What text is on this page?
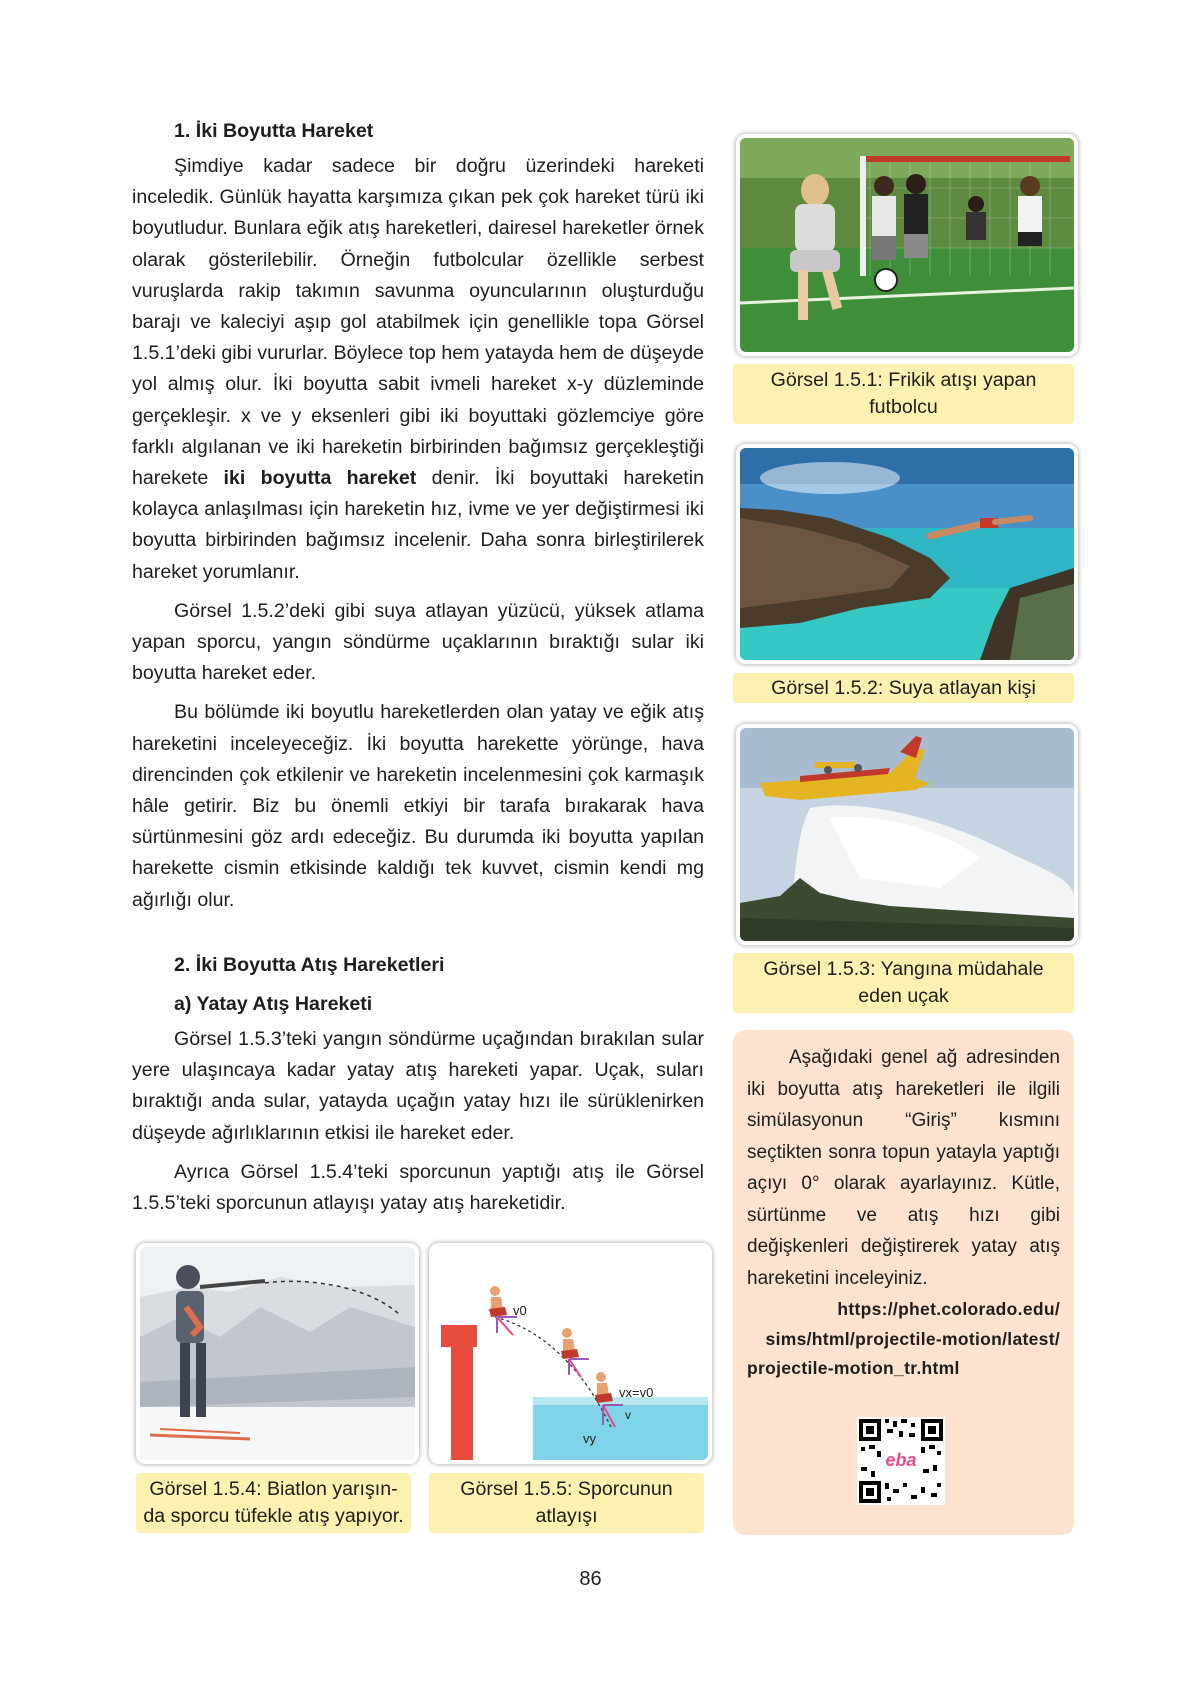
1. İki Boyutta Hareket

Şimdiye kadar sadece bir doğru üzerindeki hareketi inceledik. Günlük hayatta karşımıza çıkan pek çok hareket türü iki boyutludur. Bunlara eğik atış hareketleri, dairesel hareketler örnek olarak gösterilebilir. Örneğin futbolcular özellikle serbest vuruşlarda rakip takımın savunma oyuncularının oluşturduğu barajı ve kaleciyi aşıp gol atabilmek için genellikle topa Görsel 1.5.1’deki gibi vururlar. Böylece top hem yatayda hem de düşeyde yol almış olur. İki boyutta sabit ivmeli hareket x-y düzleminde gerçekleşir. x ve y eksenleri gibi iki boyuttaki gözlemciye göre farklı algılanan ve iki hareketin birbirinden bağımsız gerçekleştiği harekete iki boyutta hareket denir. İki boyuttaki hareketin kolayca anlaşılması için hareketin hız, ivme ve yer değiştirmesi iki boyutta birbirinden bağımsız incelenir. Daha sonra birleştirilerek hareket yorumlanır.

Görsel 1.5.2’deki gibi suya atlayan yüzücü, yüksek atlama yapan sporcu, yangın söndürme uçaklarının bıraktığı sular iki boyutta hareket eder.

Bu bölümde iki boyutlu hareketlerden olan yatay ve eğik atış hareketini inceleyeceğiz. İki boyutta harekette yörünge, hava direncinden çok etkilenir ve hareketin incelenmesini çok karmaşık hâle getirir. Biz bu önemli etkiyi bir tarafa bırakarak hava sürtünmesini göz ardı edeceğiz. Bu durumda iki boyutta yapılan harekette cismin etkisinde kaldığı tek kuvvet, cismin kendi mg ağırlığı olur.

2. İki Boyutta Atış Hareketleri
a) Yatay Atış Hareketi

Görsel 1.5.3’teki yangın söndürme uçağından bırakılan sular yere ulaşıncaya kadar yatay atış hareketi yapar. Uçak, suları bıraktığı anda sular, yatayda uçağın yatay hızı ile sürüklenirken düşeyde ağırlıklarının etkisi ile hareket eder.

Ayrıca Görsel 1.5.4’teki sporcunun yaptığı atış ile Görsel 1.5.5’teki sporcunun atlayışı yatay atış hareketidir.

Görsel 1.5.1: Frikik atışı yapan
futbolcu
Görsel 1.5.2: Suya atlayan kişi
Görsel 1.5.3: Yangına müdahale
eden uçak
Aşağıdaki genel ağ adresinden iki boyutta atış hareketleri ile ilgili simülasyonun “Giriş” kısmını seçtikten sonra topun yatayla yaptığı açıyı 0° olarak ayarlayınız. Kütle, sürtünme ve atış hızı gibi değişkenleri değiştirerek yatay atış hareketini inceleyiniz.
https://phet.colorado.edu/
sims/html/projectile-motion/latest/
projectile-motion_tr.html
eba
Görsel 1.5.4: Biatlon yarışın-
da sporcu tüfekle atış yapıyor.
v0
vx=v0
v
vy
Görsel 1.5.5: Sporcunun
atlayışı
86
